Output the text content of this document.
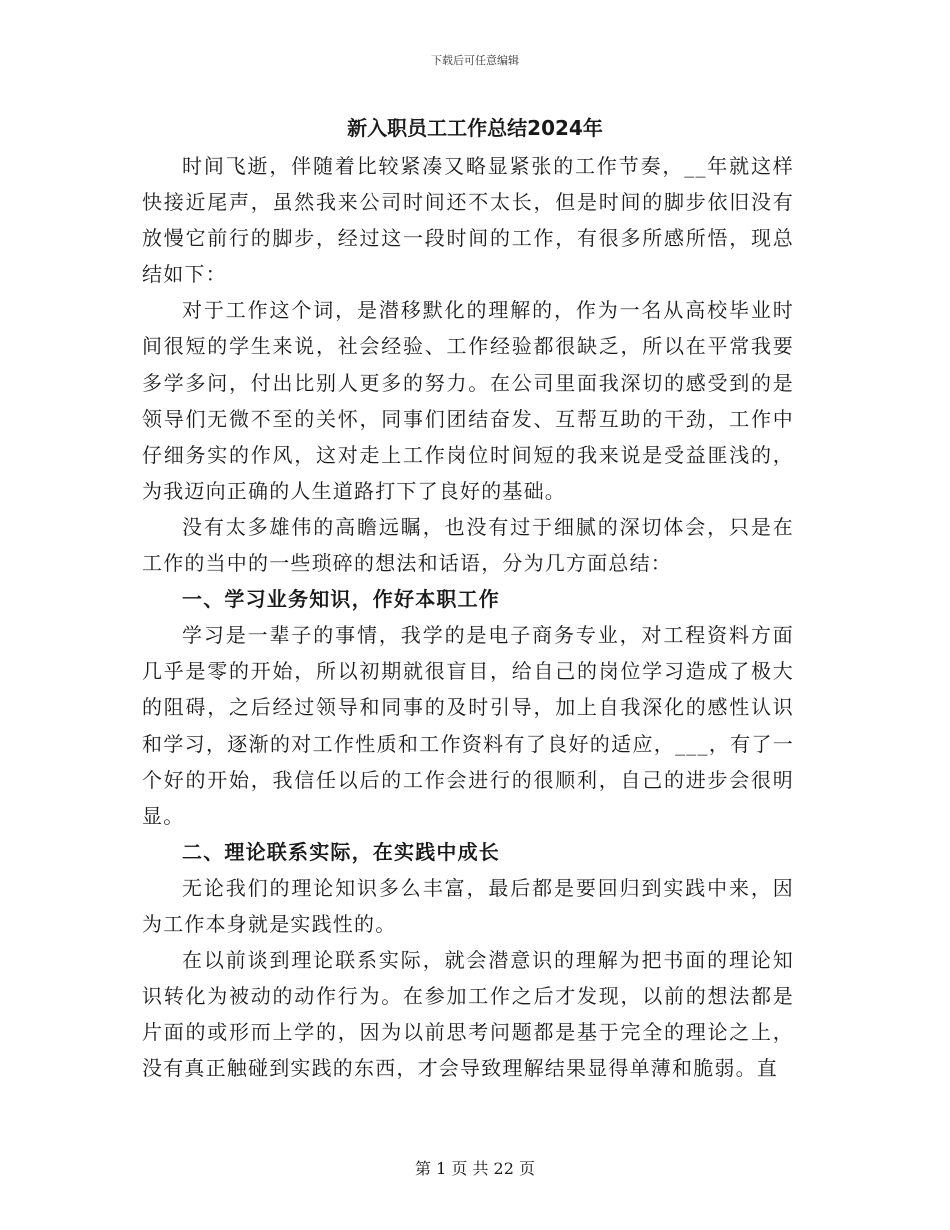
下载后可任意编辑
新入职员工工作总结2024年

时间飞逝，伴随着比较紧凑又略显紧张的工作节奏，__年就这样快接近尾声，虽然我来公司时间还不太长，但是时间的脚步依旧没有放慢它前行的脚步，经过这一段时间的工作，有很多所感所悟，现总结如下：

对于工作这个词，是潜移默化的理解的，作为一名从高校毕业时间很短的学生来说，社会经验、工作经验都很缺乏，所以在平常我要多学多问，付出比别人更多的努力。在公司里面我深切的感受到的是领导们无微不至的关怀，同事们团结奋发、互帮互助的干劲，工作中仔细务实的作风，这对走上工作岗位时间短的我来说是受益匪浅的，为我迈向正确的人生道路打下了良好的基础。

没有太多雄伟的高瞻远瞩，也没有过于细腻的深切体会，只是在工作的当中的一些琐碎的想法和话语，分为几方面总结：

一、学习业务知识，作好本职工作

学习是一辈子的事情，我学的是电子商务专业，对工程资料方面几乎是零的开始，所以初期就很盲目，给自己的岗位学习造成了极大的阻碍，之后经过领导和同事的及时引导，加上自我深化的感性认识和学习，逐渐的对工作性质和工作资料有了良好的适应，___，有了一个好的开始，我信任以后的工作会进行的很顺利，自己的进步会很明显。

二、理论联系实际，在实践中成长

无论我们的理论知识多么丰富，最后都是要回归到实践中来，因为工作本身就是实践性的。

在以前谈到理论联系实际，就会潜意识的理解为把书面的理论知识转化为被动的动作行为。在参加工作之后才发现，以前的想法都是片面的或形而上学的，因为以前思考问题都是基于完全的理论之上，没有真正触碰到实践的东西，才会导致理解结果显得单薄和脆弱。直

第 1 页 共 22 页
